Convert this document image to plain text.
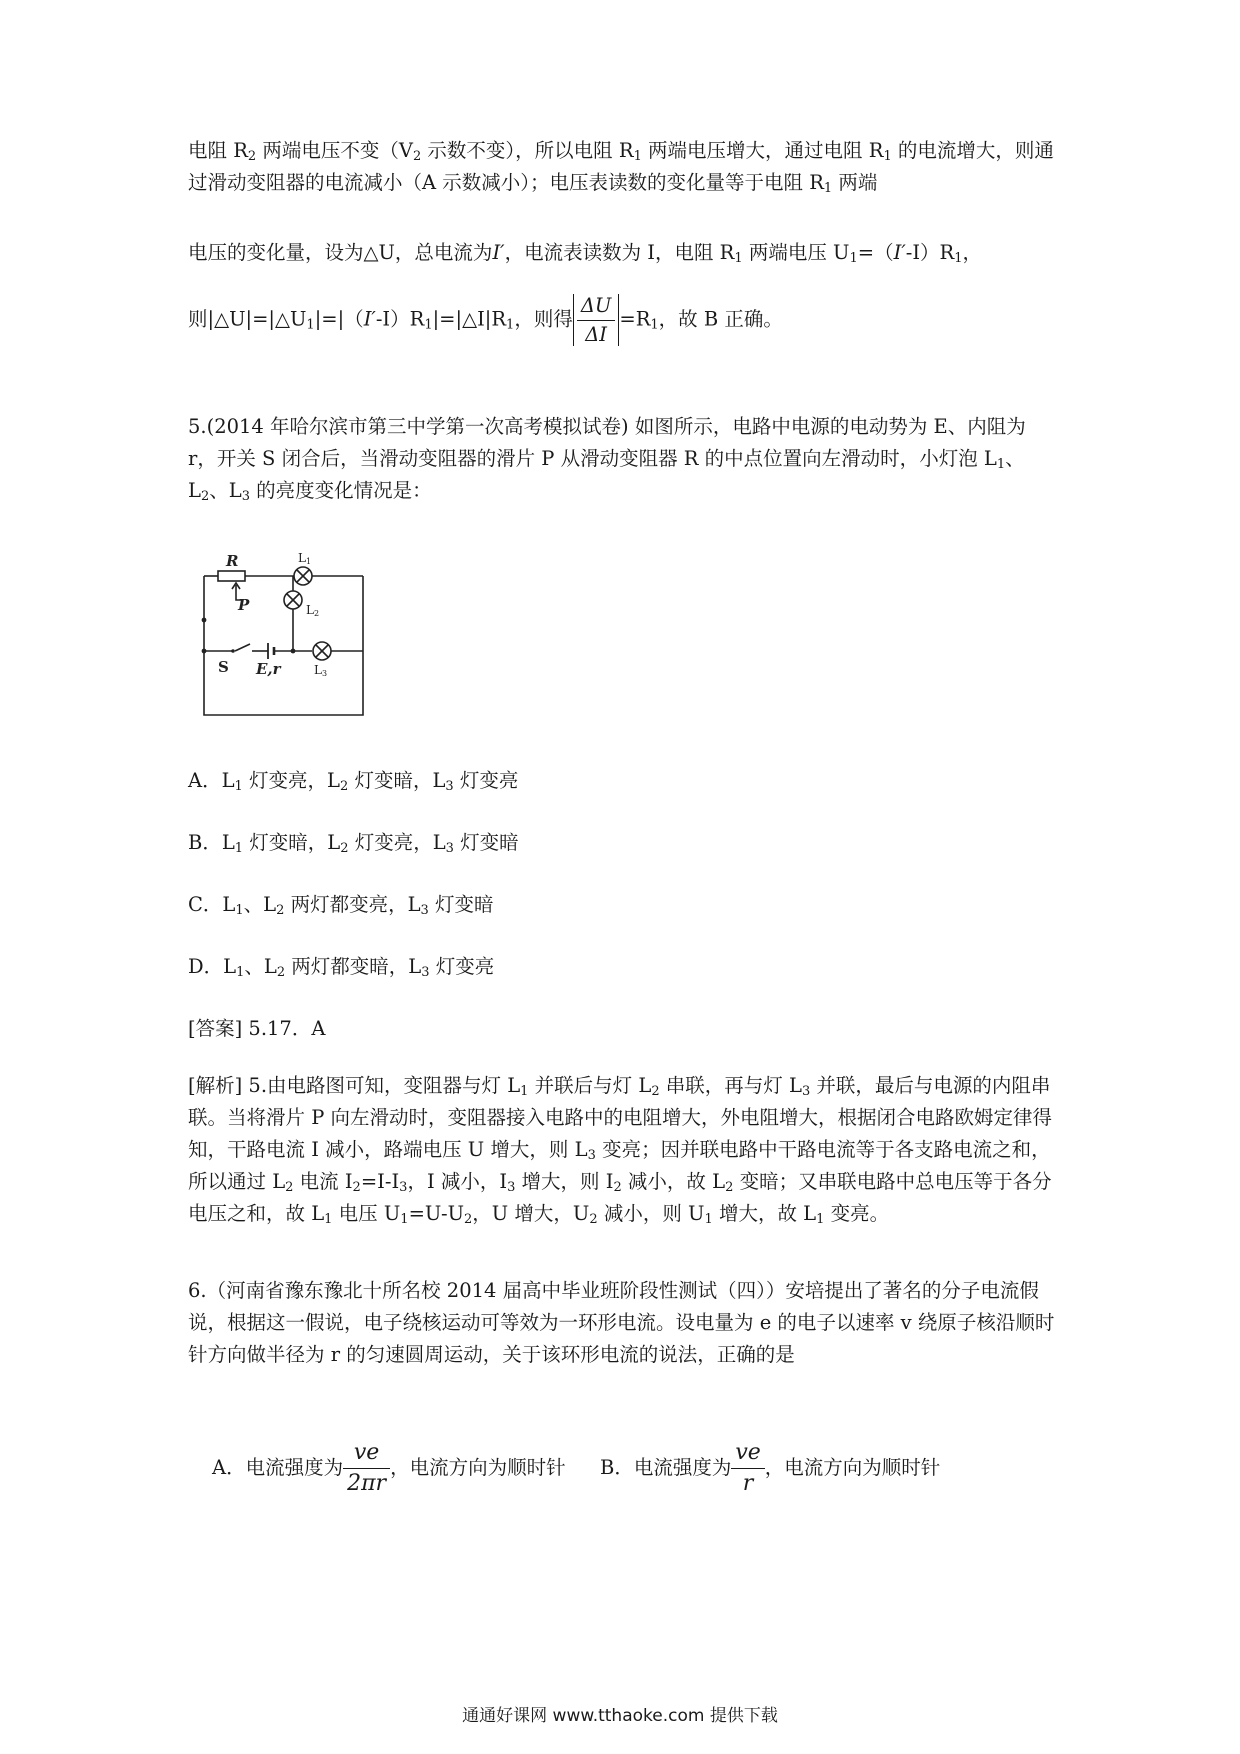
电阻 $R_2$ 两端电压不变（$V_2$ 示数不变），所以电阻 $R_1$ 两端电压增大，通过电阻 $R_1$ 的电流增大，则通过滑动变阻器的电流减小（A 示数减小）；电压表读数的变化量等于电阻 $R_1$ 两端

电压的变化量，设为△U，总电流为I′，电流表读数为 I，电阻 $R_1$ 两端电压 $U_1=(I'-I)R_1$，

则$|\triangle U|=|\triangle U_1|=|(I'-I)R_1|=|\triangle I|R_1$，则得 $\frac{\Delta U}{\Delta I} =R_1$，故 B 正确。

5.(2014 年哈尔滨市第三中学第一次高考模拟试卷) 如图所示，电路中电源的电动势为 E、内阻为 r，开关 S 闭合后，当滑动变阻器的滑片 P 从滑动变阻器 R 的中点位置向左滑动时，小灯泡 $L_1$、$L_2$、$L_3$ 的亮度变化情况是：

R
P
E,r
S
L1
L2
L3

A．$L_1$ 灯变亮，$L_2$ 灯变暗，$L_3$ 灯变亮

B．$L_1$ 灯变暗，$L_2$ 灯变亮，$L_3$ 灯变暗

C．$L_1$、$L_2$ 两灯都变亮，$L_3$ 灯变暗

D．$L_1$、$L_2$ 两灯都变暗，$L_3$ 灯变亮

[答案] 5.17．A

[解析] 5.由电路图可知，变阻器与灯 $L_1$ 并联后与灯 $L_2$ 串联，再与灯 $L_3$ 并联，最后与电源的内阻串联。当将滑片 P 向左滑动时，变阻器接入电路中的电阻增大，外电阻增大，根据闭合电路欧姆定律得知，干路电流 I 减小，路端电压 U 增大，则 $L_3$ 变亮；因并联电路中干路电流等于各支路电流之和，所以通过 $L_2$ 电流 $I_2=I-I_3$，I 减小，$I_3$ 增大，则 $I_2$ 减小，故 $L_2$ 变暗；又串联电路中总电压等于各分电压之和，故 $L_1$ 电压 $U_1=U-U_2$，U 增大，$U_2$ 减小，则 $U_1$ 增大，故 $L_1$ 变亮。

6.（河南省豫东豫北十所名校 2014 届高中毕业班阶段性测试（四））安培提出了著名的分子电流假说，根据这一假说，电子绕核运动可等效为一环形电流。设电量为 e 的电子以速率 v 绕原子核沿顺时针方向做半径为 r 的匀速圆周运动，关于该环形电流的说法，正确的是

A．电流强度为 $\frac{ve}{2\pi r}$ ，电流方向为顺时针 B．电流强度为 $\frac{ve}{r}$ ，电流方向为顺时针
通通好课网 www.tthaoke.com 提供下载
